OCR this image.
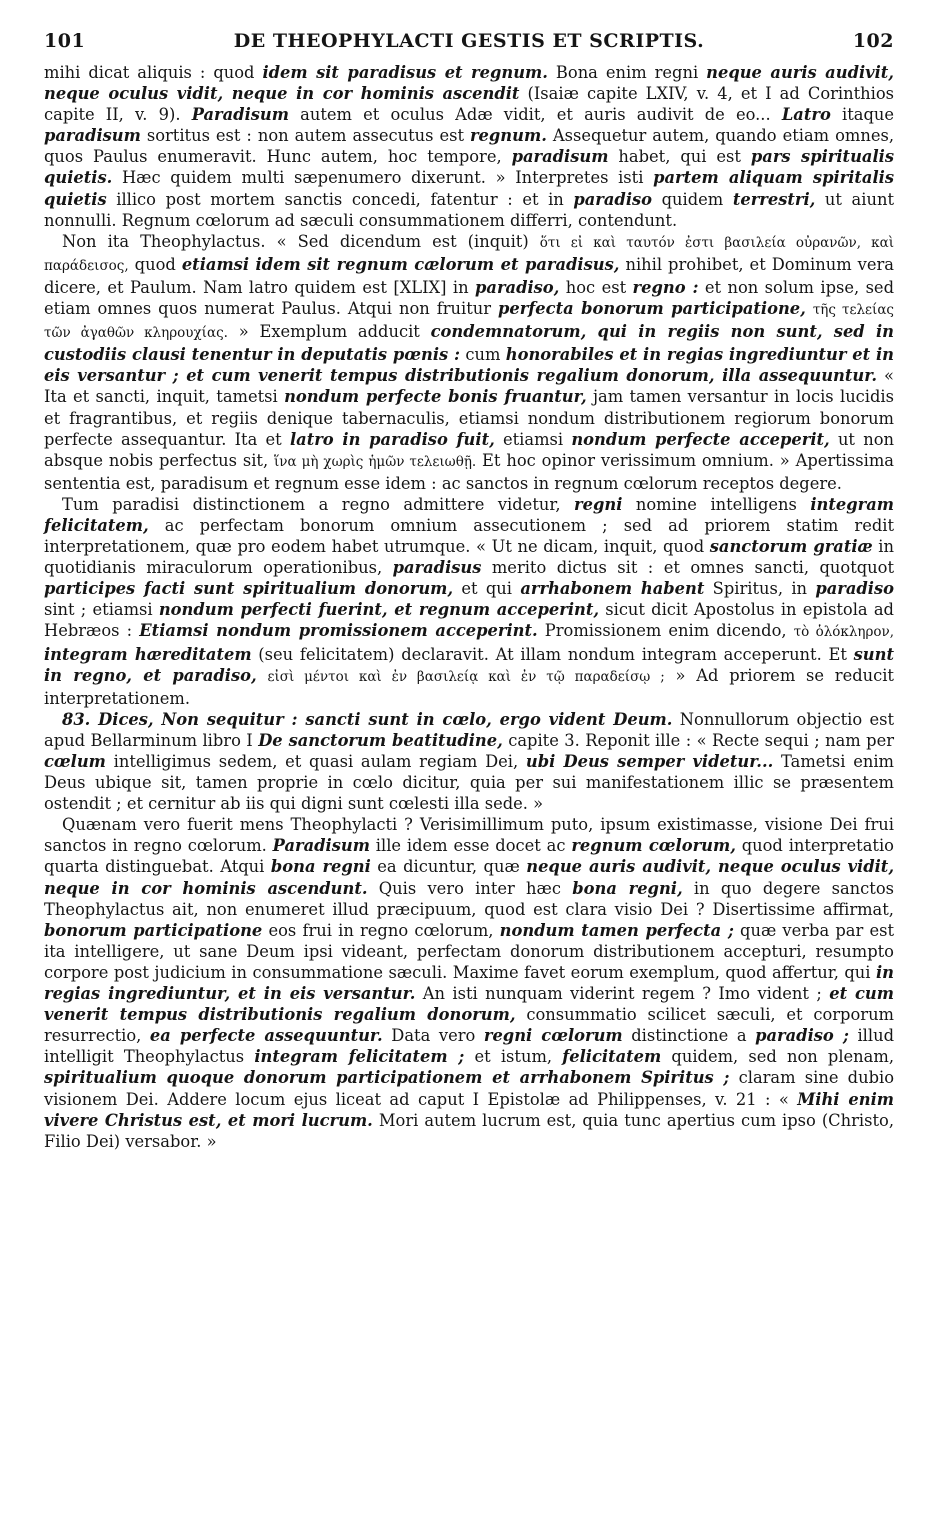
101	DE THEOPHYLACTI GESTIS ET SCRIPTIS.	102

mihi dicat aliquis : quod idem sit paradisus et regnum. Bona enim regni neque auris audivit, neque oculus vidit, neque in cor hominis ascendit (Isaiæ capite LXIV, v. 4, et I ad Corinthios capite II, v. 9). Paradisum autem et oculus Adæ vidit, et auris audivit de eo... Latro itaque paradisum sortitus est : non autem assecutus est regnum. Assequetur autem, quando etiam omnes, quos Paulus enumeravit. Hunc autem, hoc tempore, paradisum habet, qui est pars spiritualis quietis. Hæc quidem multi sæpenumero dixerunt. » Interpretes isti partem aliquam spiritalis quietis illico post mortem sanctis concedi, fatentur : et in paradiso quidem terrestri, ut aiunt nonnulli. Regnum cœlorum ad sæculi consummationem differri, contendunt.

Non ita Theophylactus. « Sed dicendum est (inquit) ὅτι εἰ καὶ ταυτόν ἐστι βασιλεία οὐρανῶν, καὶ παράδεισος, quod etiamsi idem sit regnum cælorum et paradisus, nihil prohibet, et Dominum vera dicere, et Paulum. Nam latro quidem est [XLIX] in paradiso, hoc est regno : et non solum ipse, sed etiam omnes quos numerat Paulus. Atqui non fruitur perfecta bonorum participatione, τῆς τελείας τῶν ἀγαθῶν κληρουχίας. » Exemplum adducit condemnatorum, qui in regiis non sunt, sed in custodiis clausi tenentur in deputatis pœnis : cum honorabiles et in regias ingrediuntur et in eis versantur ; et cum venerit tempus distributionis regalium donorum, illa assequuntur. « Ita et sancti, inquit, tametsi nondum perfecte bonis fruantur, jam tamen versantur in locis lucidis et fragrantibus, et regiis denique tabernaculis, etiamsi nondum distributionem regiorum bonorum perfecte assequantur. Ita et latro in paradiso fuit, etiamsi nondum perfecte acceperit, ut non absque nobis perfectus sit, ἵνα μὴ χωρὶς ἡμῶν τελειωθῇ. Et hoc opinor verissimum omnium. » Apertissima sententia est, paradisum et regnum esse idem : ac sanctos in regnum cœlorum receptos degere.

Tum paradisi distinctionem a regno admittere videtur, regni nomine intelligens integram felicitatem, ac perfectam bonorum omnium assecutionem ; sed ad priorem statim redit interpretationem, quæ pro eodem habet utrumque. « Ut ne dicam, inquit, quod sanctorum gratiæ in quotidianis miraculorum operationibus, paradisus merito dictus sit : et omnes sancti, quotquot participes facti sunt spiritualium donorum, et qui arrhabonem habent Spiritus, in paradiso sint ; etiamsi nondum perfecti fuerint, et regnum acceperint, sicut dicit Apostolus in epistola ad Hebræos : Etiamsi nondum promissionem acceperint. Promissionem enim dicendo, τὸ ὁλόκληρον, integram hæreditatem (seu felicitatem) declaravit. At illam nondum integram acceperunt. Et sunt in regno, et paradiso, εἰσὶ μέντοι καὶ ἐν βασιλείᾳ καὶ ἐν τῷ παραδείσῳ ; » Ad priorem se reducit interpretationem.

83. Dices, Non sequitur : sancti sunt in cœlo, ergo vident Deum. Nonnullorum objectio est apud Bellarminum libro I De sanctorum beatitudine, capite 3. Reponit ille : « Recte sequi ; nam per cœlum intelligimus sedem, et quasi aulam regiam Dei, ubi Deus semper videtur... Tametsi enim Deus ubique sit, tamen proprie in cœlo dicitur, quia per sui manifestationem illic se præsentem ostendit ; et cernitur ab iis qui digni sunt cœlesti illa sede. »

Quænam vero fuerit mens Theophylacti ? Verisimillimum puto, ipsum existimasse, visione Dei frui sanctos in regno cœlorum. Paradisum ille idem esse docet ac regnum cœlorum, quod interpretatio quarta distinguebat. Atqui bona regni ea dicuntur, quæ neque auris audivit, neque oculus vidit, neque in cor hominis ascendunt. Quis vero inter hæc bona regni, in quo degere sanctos Theophylactus ait, non enumeret illud præcipuum, quod est clara visio Dei ? Disertissime affirmat, bonorum participatione eos frui in regno cœlorum, nondum tamen perfecta ; quæ verba par est ita intelligere, ut sane Deum ipsi videant, perfectam donorum distributionem accepturi, resumpto corpore post judicium in consummatione sæculi. Maxime favet eorum exemplum, quod affertur, qui in regias ingrediuntur, et in eis versantur. An isti nunquam viderint regem ? Imo vident ; et cum venerit tempus distributionis regalium donorum, consummatio scilicet sæculi, et corporum resurrectio, ea perfecte assequuntur. Data vero regni cœlorum distinctione a paradiso ; illud intelligit Theophylactus integram felicitatem ; et istum, felicitatem quidem, sed non plenam, spiritualium quoque donorum participationem et arrhabonem Spiritus ; claram sine dubio visionem Dei. Addere locum ejus liceat ad caput I Epistolæ ad Philippenses, v. 21 : « Mihi enim vivere Christus est, et mori lucrum. Mori autem lucrum est, quia tunc apertius cum ipso (Christo, Filio Dei) versabor. »
